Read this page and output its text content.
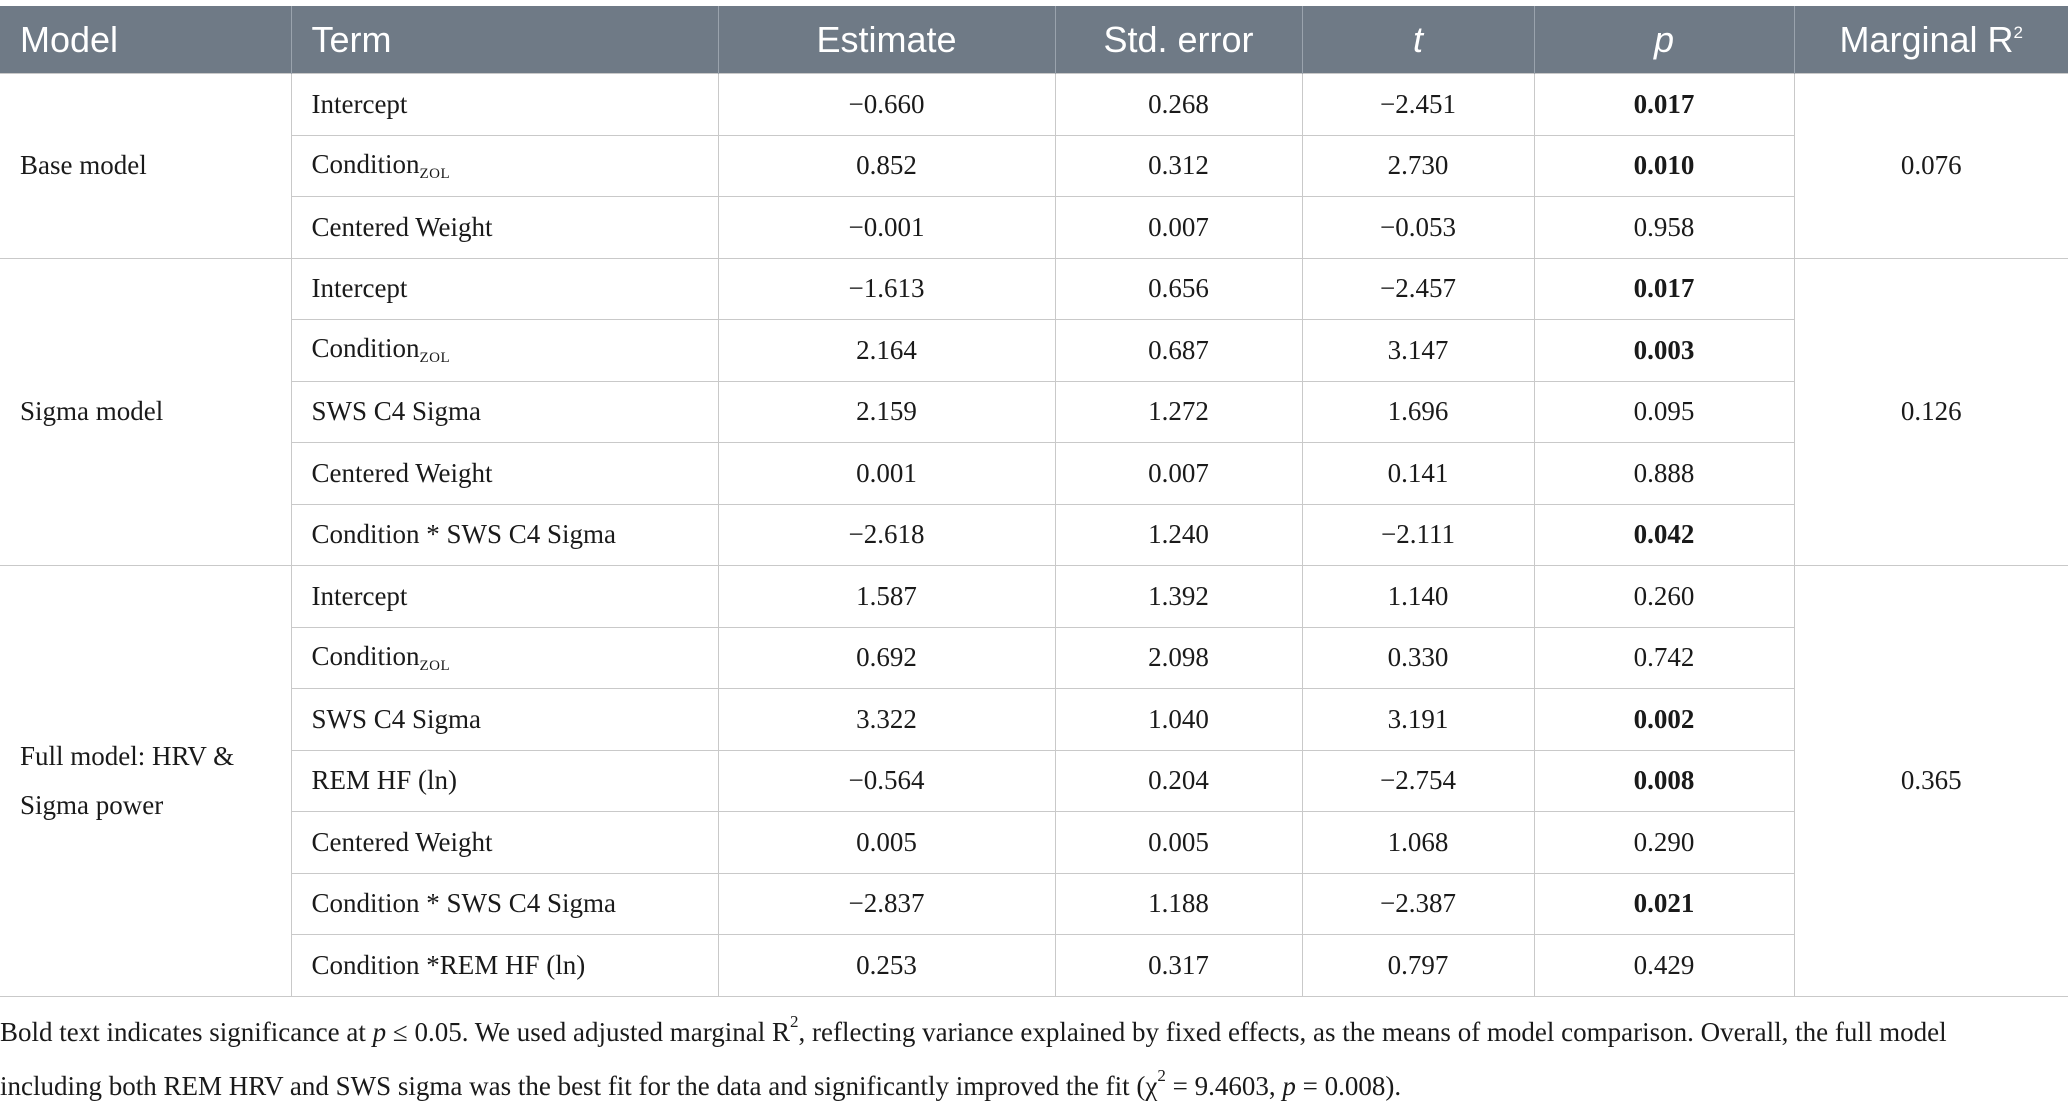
Model	Term	Estimate	Std. error	t	p	Marginal $R^2$
Base model	Intercept	−0.660	0.268	−2.451	0.017	0.076
	Condition$_{ZOL}$	0.852	0.312	2.730	0.010	
	Centered Weight	−0.001	0.007	−0.053	0.958	
Sigma model	Intercept	−1.613	0.656	−2.457	0.017	0.126
	Condition$_{ZOL}$	2.164	0.687	3.147	0.003	
	SWS C4 Sigma	2.159	1.272	1.696	0.095	
	Centered Weight	0.001	0.007	0.141	0.888	
	Condition * SWS C4 Sigma	−2.618	1.240	−2.111	0.042	
Full model: HRV & Sigma power	Intercept	1.587	1.392	1.140	0.260	0.365
	Condition$_{ZOL}$	0.692	2.098	0.330	0.742	
	SWS C4 Sigma	3.322	1.040	3.191	0.002	
	REM HF (ln)	−0.564	0.204	−2.754	0.008	
	Centered Weight	0.005	0.005	1.068	0.290	
	Condition * SWS C4 Sigma	−2.837	1.188	−2.387	0.021	
	Condition *REM HF (ln)	0.253	0.317	0.797	0.429	
Bold text indicates significance at p ≤ 0.05. We used adjusted marginal $R^2$, reflecting variance explained by fixed effects, as the means of model comparison. Overall, the full model including both REM HRV and SWS sigma was the best fit for the data and significantly improved the fit ($\chi^2 = 9.4603$, p = 0.008).
